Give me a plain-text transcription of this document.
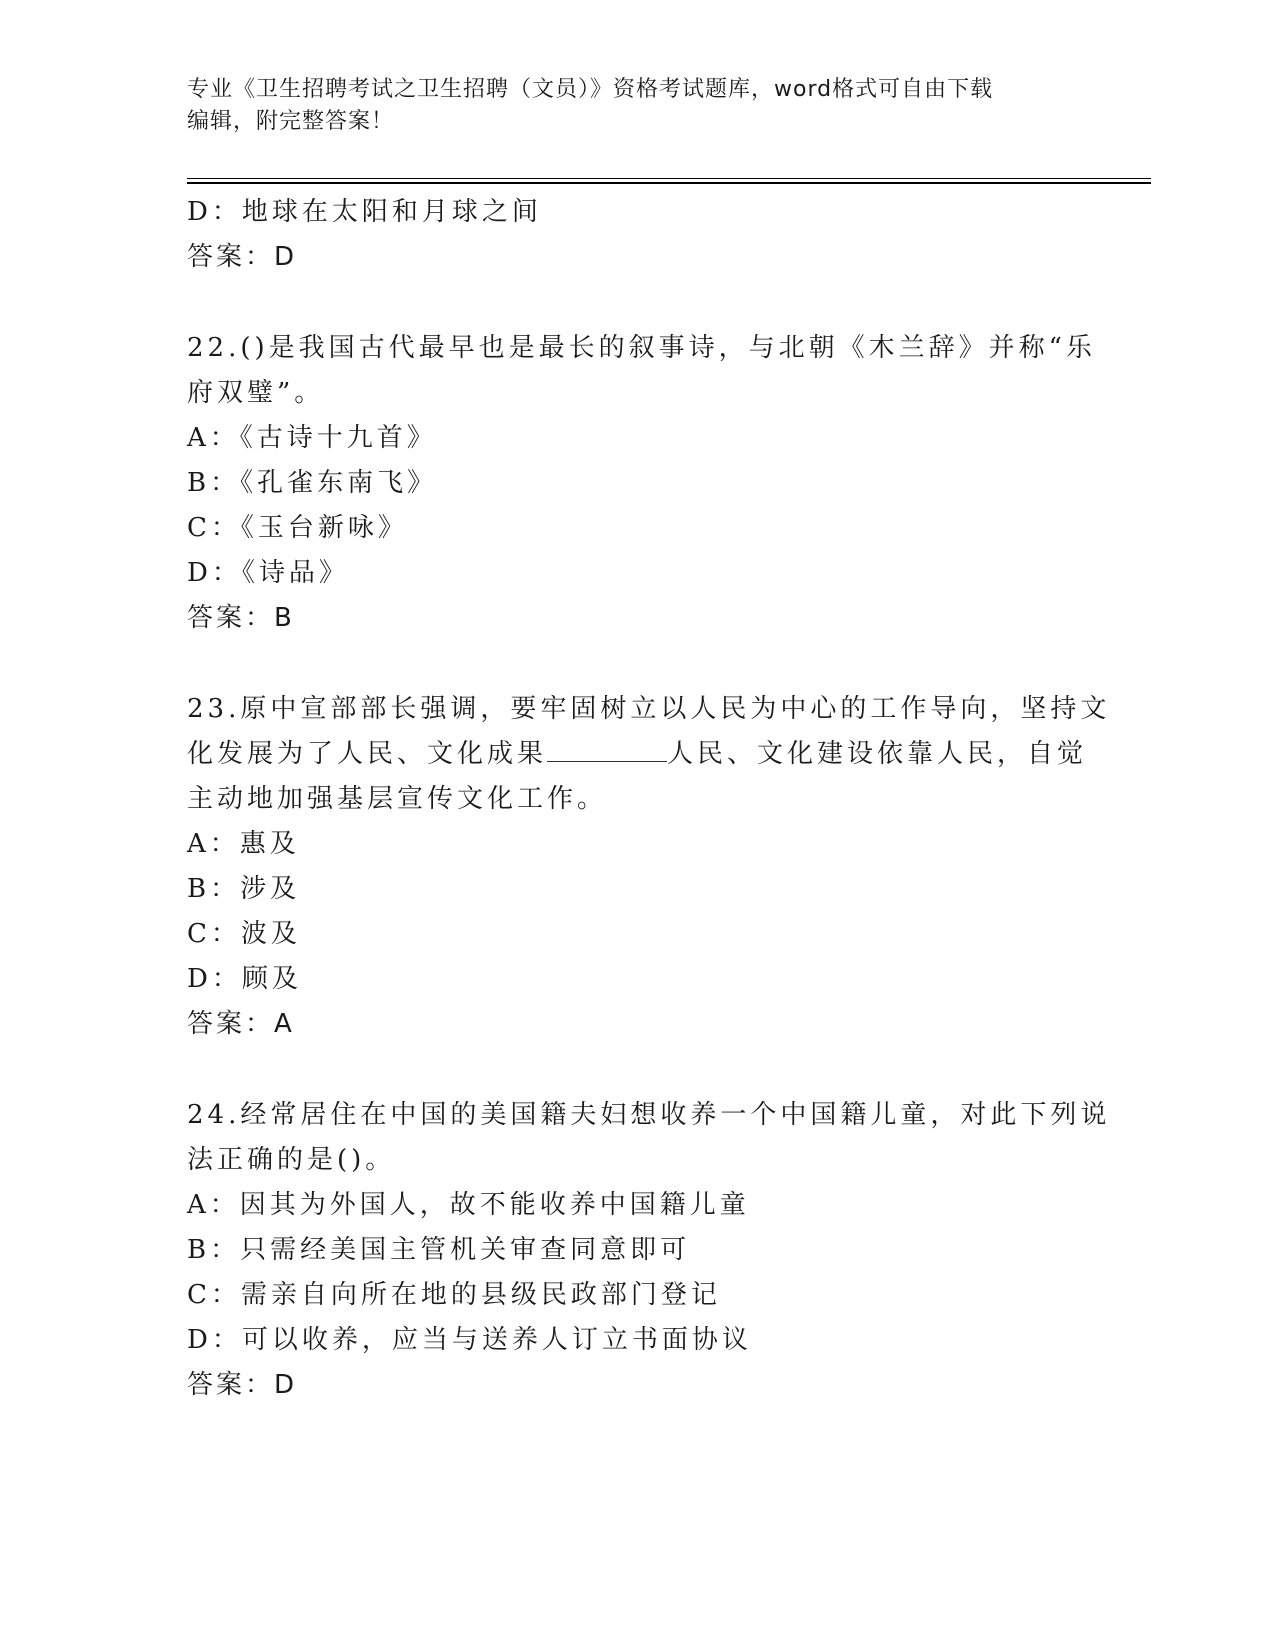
专业《卫生招聘考试之卫生招聘（文员）》资格考试题库，word格式可自由下载
编辑，附完整答案！
D：地球在太阳和月球之间
答案：D
22.()是我国古代最早也是最长的叙事诗，与北朝《木兰辞》并称“乐
府双璧”。
A：《古诗十九首》
B：《孔雀东南飞》
C：《玉台新咏》
D：《诗品》
答案：B
23.原中宣部部长强调，要牢固树立以人民为中心的工作导向，坚持文
化发展为了人民、文化成果	人民、文化建设依靠人民，自觉
主动地加强基层宣传文化工作。
A：惠及
B：涉及
C：波及
D：顾及
答案：A
24.经常居住在中国的美国籍夫妇想收养一个中国籍儿童，对此下列说
法正确的是()。
A：因其为外国人，故不能收养中国籍儿童
B：只需经美国主管机关审查同意即可
C：需亲自向所在地的县级民政部门登记
D：可以收养，应当与送养人订立书面协议
答案：D
